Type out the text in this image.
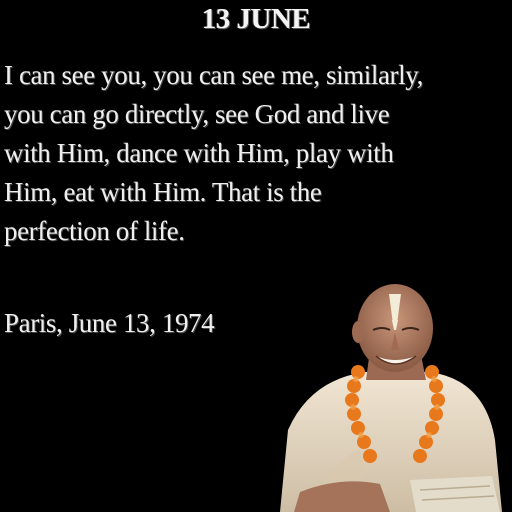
13 JUNE

I can see you, you can see me, similarly,
you can go directly, see God and live
with Him, dance with Him, play with
Him, eat with Him. That is the
perfection of life.

Paris, June 13, 1974
